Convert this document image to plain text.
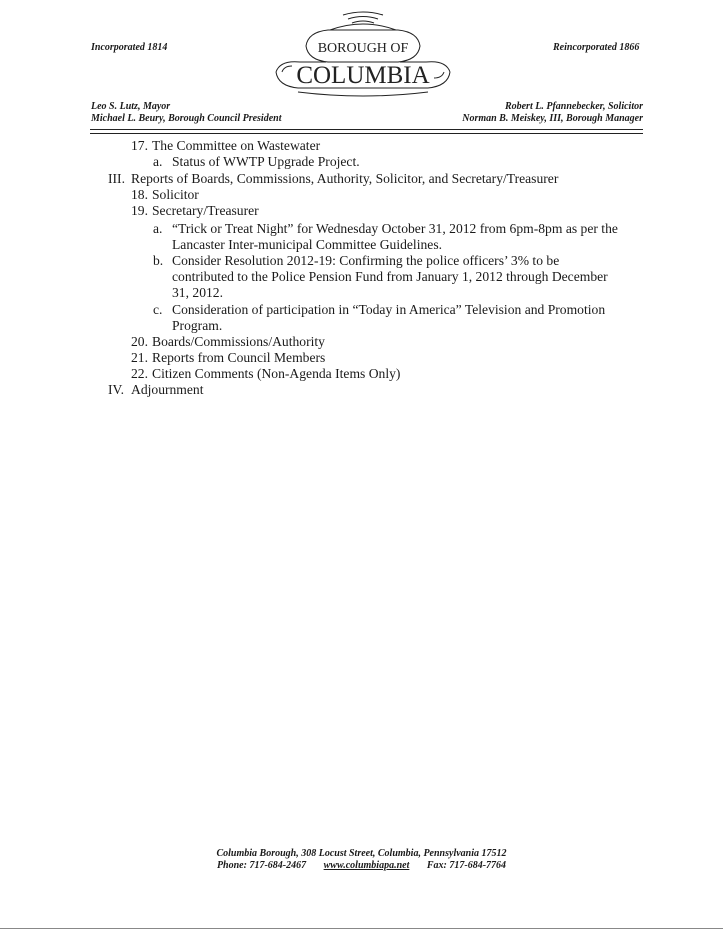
Incorporated 1814	Reincorporated 1866
BOROUGH OF
COLUMBIA
Leo S. Lutz, Mayor
Michael L. Beury, Borough Council President
Robert L. Pfannebecker, Solicitor
Norman B. Meiskey, III, Borough Manager
17. The Committee on Wastewater
a. Status of WWTP Upgrade Project.
III. Reports of Boards, Commissions, Authority, Solicitor, and Secretary/Treasurer
18. Solicitor
19. Secretary/Treasurer
a. “Trick or Treat Night” for Wednesday October 31, 2012 from 6pm-8pm as per the
Lancaster Inter-municipal Committee Guidelines.
b. Consider Resolution 2012-19: Confirming the police officers’ 3% to be
contributed to the Police Pension Fund from January 1, 2012 through December
31, 2012.
c. Consideration of participation in “Today in America” Television and Promotion
Program.
20. Boards/Commissions/Authority
21. Reports from Council Members
22. Citizen Comments (Non-Agenda Items Only)
IV. Adjournment
Columbia Borough, 308 Locust Street, Columbia, Pennsylvania 17512
Phone: 717-684-2467 www.columbiapa.net Fax: 717-684-7764
